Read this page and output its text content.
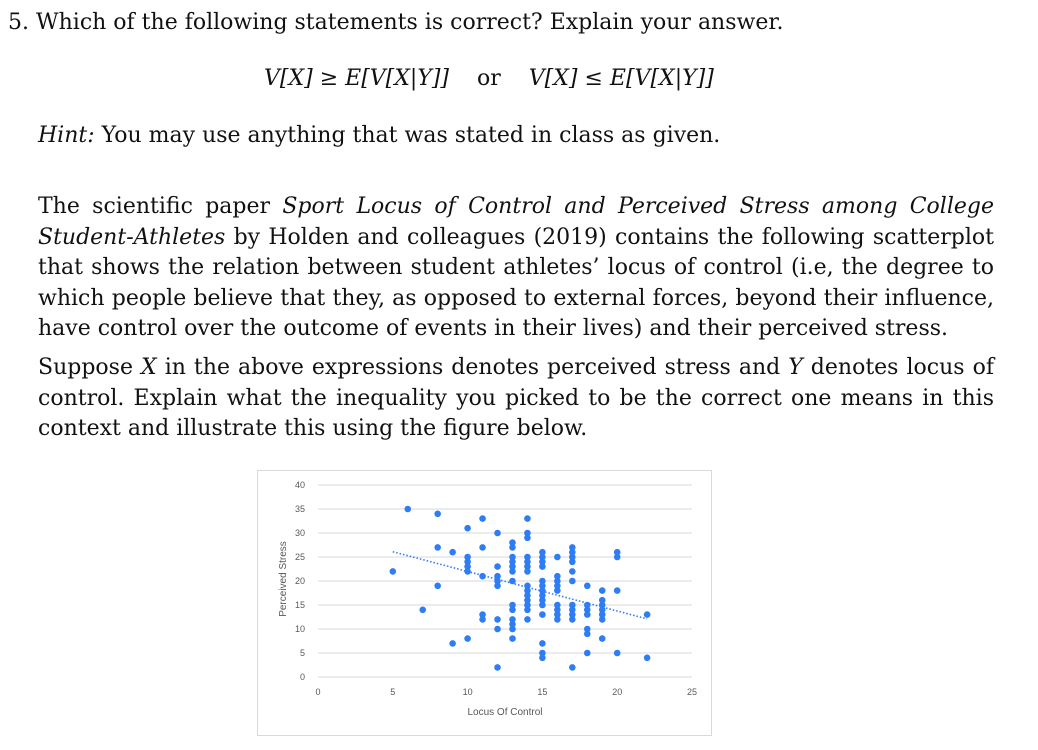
5. Which of the following statements is correct? Explain your answer.
V[X] ≥ E[V[X|Y]] or V[X] ≤ E[V[X|Y]]
Hint: You may use anything that was stated in class as given.
The scientific paper Sport Locus of Control and Perceived Stress among College Student-Athletes by Holden and colleagues (2019) contains the following scatterplot that shows the relation between student athletes’ locus of control (i.e, the degree to which people believe that they, as opposed to external forces, beyond their influence, have control over the outcome of events in their lives) and their perceived stress.
Suppose X in the above expressions denotes perceived stress and Y denotes locus of control. Explain what the inequality you picked to be the correct one means in this context and illustrate this using the figure below.
0
5
10
15
20
25
30
35
40
0	5	10	15	20	25
Locus Of Control
Perceived Stress
